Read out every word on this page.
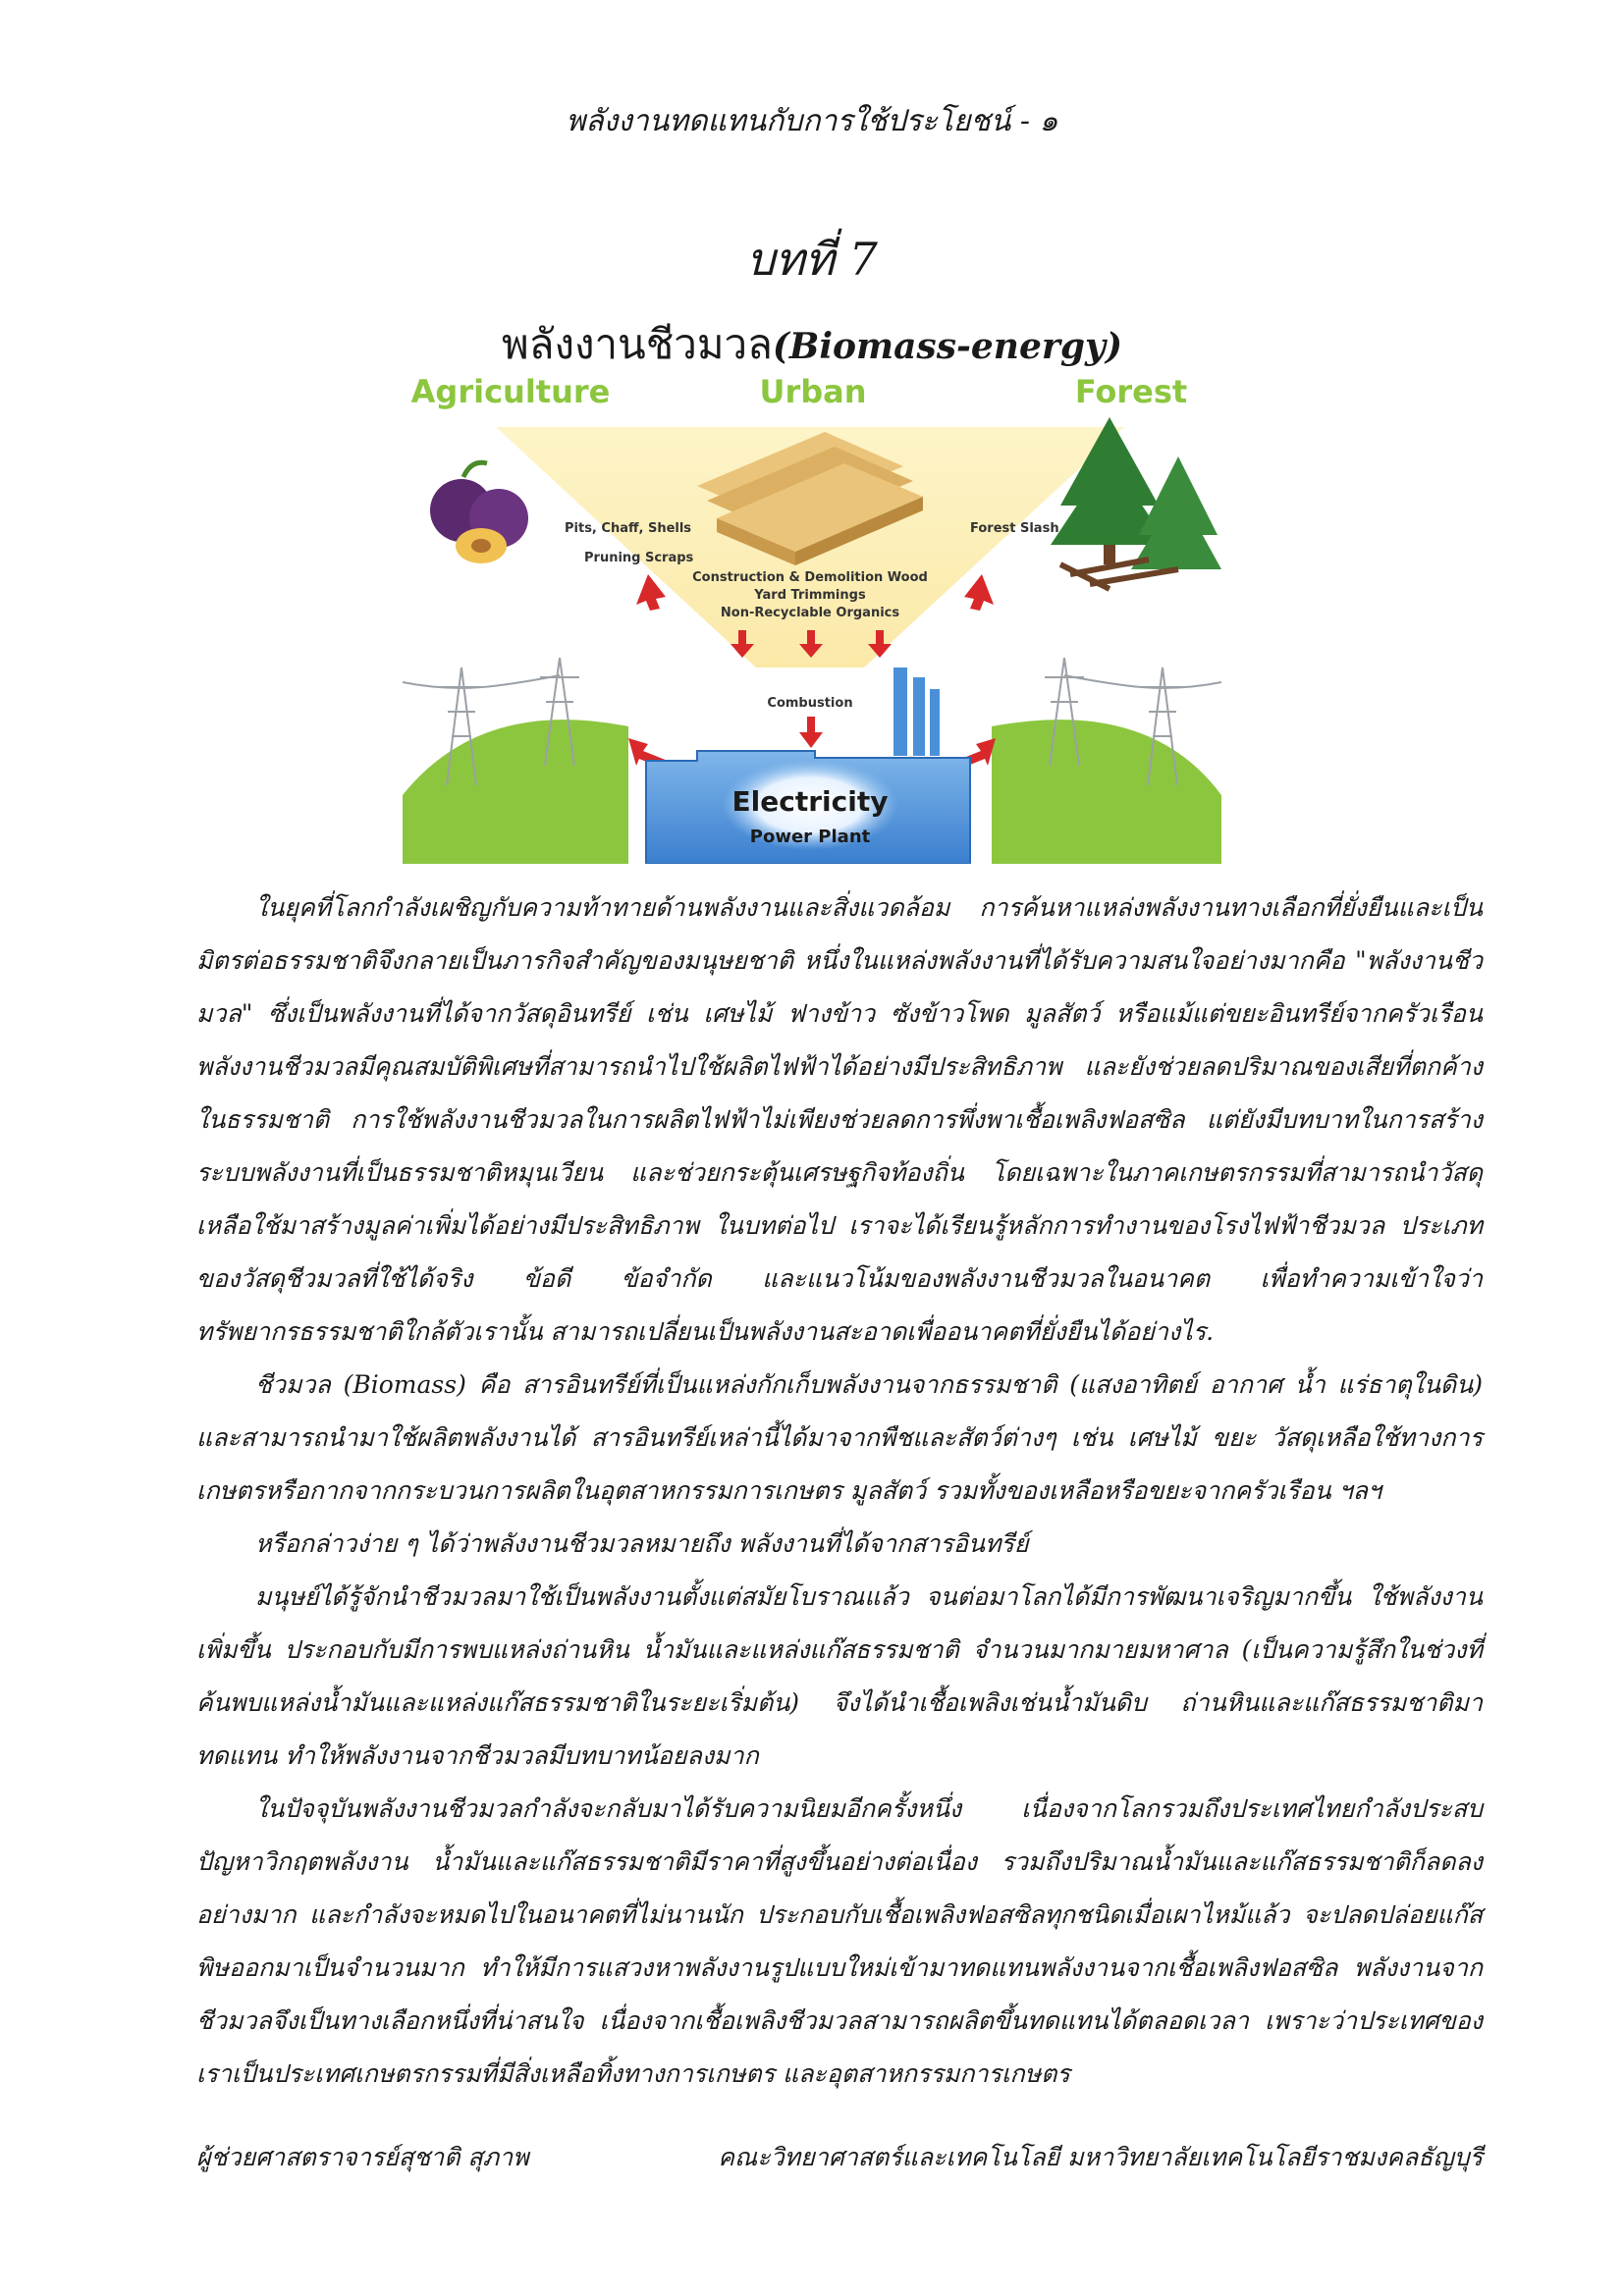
พลังงานทดแทนกับการใช้ประโยชน์ - ๑
บทที่ 7
พลังงานชีวมวล(Biomass-energy)
Agriculture	Urban	Forest
Pits, Chaff, Shells
Pruning Scraps
Forest Slash
Construction & Demolition Wood
Yard Trimmings
Non-Recyclable Organics
Combustion
Electricity
Power Plant

ในยุคที่โลกกำลังเผชิญกับความท้าทายด้านพลังงานและสิ่งแวดล้อม การค้นหาแหล่งพลังงานทางเลือกที่ยั่งยืนและเป็นมิตรต่อธรรมชาติจึงกลายเป็นภารกิจสำคัญของมนุษยชาติ หนึ่งในแหล่งพลังงานที่ได้รับความสนใจอย่างมากคือ "พลังงานชีวมวล" ซึ่งเป็นพลังงานที่ได้จากวัสดุอินทรีย์ เช่น เศษไม้ ฟางข้าว ซังข้าวโพด มูลสัตว์ หรือแม้แต่ขยะอินทรีย์จากครัวเรือน พลังงานชีวมวลมีคุณสมบัติพิเศษที่สามารถนำไปใช้ผลิตไฟฟ้าได้อย่างมีประสิทธิภาพ และยังช่วยลดปริมาณของเสียที่ตกค้างในธรรมชาติ การใช้พลังงานชีวมวลในการผลิตไฟฟ้าไม่เพียงช่วยลดการพึ่งพาเชื้อเพลิงฟอสซิล แต่ยังมีบทบาทในการสร้างระบบพลังงานที่เป็นธรรมชาติหมุนเวียน และช่วยกระตุ้นเศรษฐกิจท้องถิ่น โดยเฉพาะในภาคเกษตรกรรมที่สามารถนำวัสดุเหลือใช้มาสร้างมูลค่าเพิ่มได้อย่างมีประสิทธิภาพ ในบทต่อไป เราจะได้เรียนรู้หลักการทำงานของโรงไฟฟ้าชีวมวล ประเภทของวัสดุชีวมวลที่ใช้ได้จริง ข้อดี ข้อจำกัด และแนวโน้มของพลังงานชีวมวลในอนาคต เพื่อทำความเข้าใจว่าทรัพยากรธรรมชาติใกล้ตัวเรานั้น สามารถเปลี่ยนเป็นพลังงานสะอาดเพื่ออนาคตที่ยั่งยืนได้อย่างไร.

ชีวมวล (Biomass) คือ สารอินทรีย์ที่เป็นแหล่งกักเก็บพลังงานจากธรรมชาติ (แสงอาทิตย์ อากาศ น้ำ แร่ธาตุในดิน) และสามารถนำมาใช้ผลิตพลังงานได้ สารอินทรีย์เหล่านี้ได้มาจากพืชและสัตว์ต่างๆ เช่น เศษไม้ ขยะ วัสดุเหลือใช้ทางการเกษตรหรือกากจากกระบวนการผลิตในอุตสาหกรรมการเกษตร มูลสัตว์ รวมทั้งของเหลือหรือขยะจากครัวเรือน ฯลฯ

หรือกล่าวง่าย ๆ ได้ว่าพลังงานชีวมวลหมายถึง พลังงานที่ได้จากสารอินทรีย์

มนุษย์ได้รู้จักนำชีวมวลมาใช้เป็นพลังงานตั้งแต่สมัยโบราณแล้ว จนต่อมาโลกได้มีการพัฒนาเจริญมากขึ้น ใช้พลังงานเพิ่มขึ้น ประกอบกับมีการพบแหล่งถ่านหิน น้ำมันและแหล่งแก๊สธรรมชาติ จำนวนมากมายมหาศาล (เป็นความรู้สึกในช่วงที่ค้นพบแหล่งน้ำมันและแหล่งแก๊สธรรมชาติในระยะเริ่มต้น) จึงได้นำเชื้อเพลิงเช่นน้ำมันดิบ ถ่านหินและแก๊สธรรมชาติมาทดแทน ทำให้พลังงานจากชีวมวลมีบทบาทน้อยลงมาก

ในปัจจุบันพลังงานชีวมวลกำลังจะกลับมาได้รับความนิยมอีกครั้งหนึ่ง เนื่องจากโลกรวมถึงประเทศไทยกำลังประสบปัญหาวิกฤตพลังงาน น้ำมันและแก๊สธรรมชาติมีราคาที่สูงขึ้นอย่างต่อเนื่อง รวมถึงปริมาณน้ำมันและแก๊สธรรมชาติก็ลดลงอย่างมาก และกำลังจะหมดไปในอนาคตที่ไม่นานนัก ประกอบกับเชื้อเพลิงฟอสซิลทุกชนิดเมื่อเผาไหม้แล้ว จะปลดปล่อยแก๊สพิษออกมาเป็นจำนวนมาก ทำให้มีการแสวงหาพลังงานรูปแบบใหม่เข้ามาทดแทนพลังงานจากเชื้อเพลิงฟอสซิล พลังงานจากชีวมวลจึงเป็นทางเลือกหนึ่งที่น่าสนใจ เนื่องจากเชื้อเพลิงชีวมวลสามารถผลิตขึ้นทดแทนได้ตลอดเวลา เพราะว่าประเทศของเราเป็นประเทศเกษตรกรรมที่มีสิ่งเหลือทิ้งทางการเกษตร และอุตสาหกรรมการเกษตร

ผู้ช่วยศาสตราจารย์สุชาติ สุภาพ	คณะวิทยาศาสตร์และเทคโนโลยี มหาวิทยาลัยเทคโนโลยีราชมงคลธัญบุรี
